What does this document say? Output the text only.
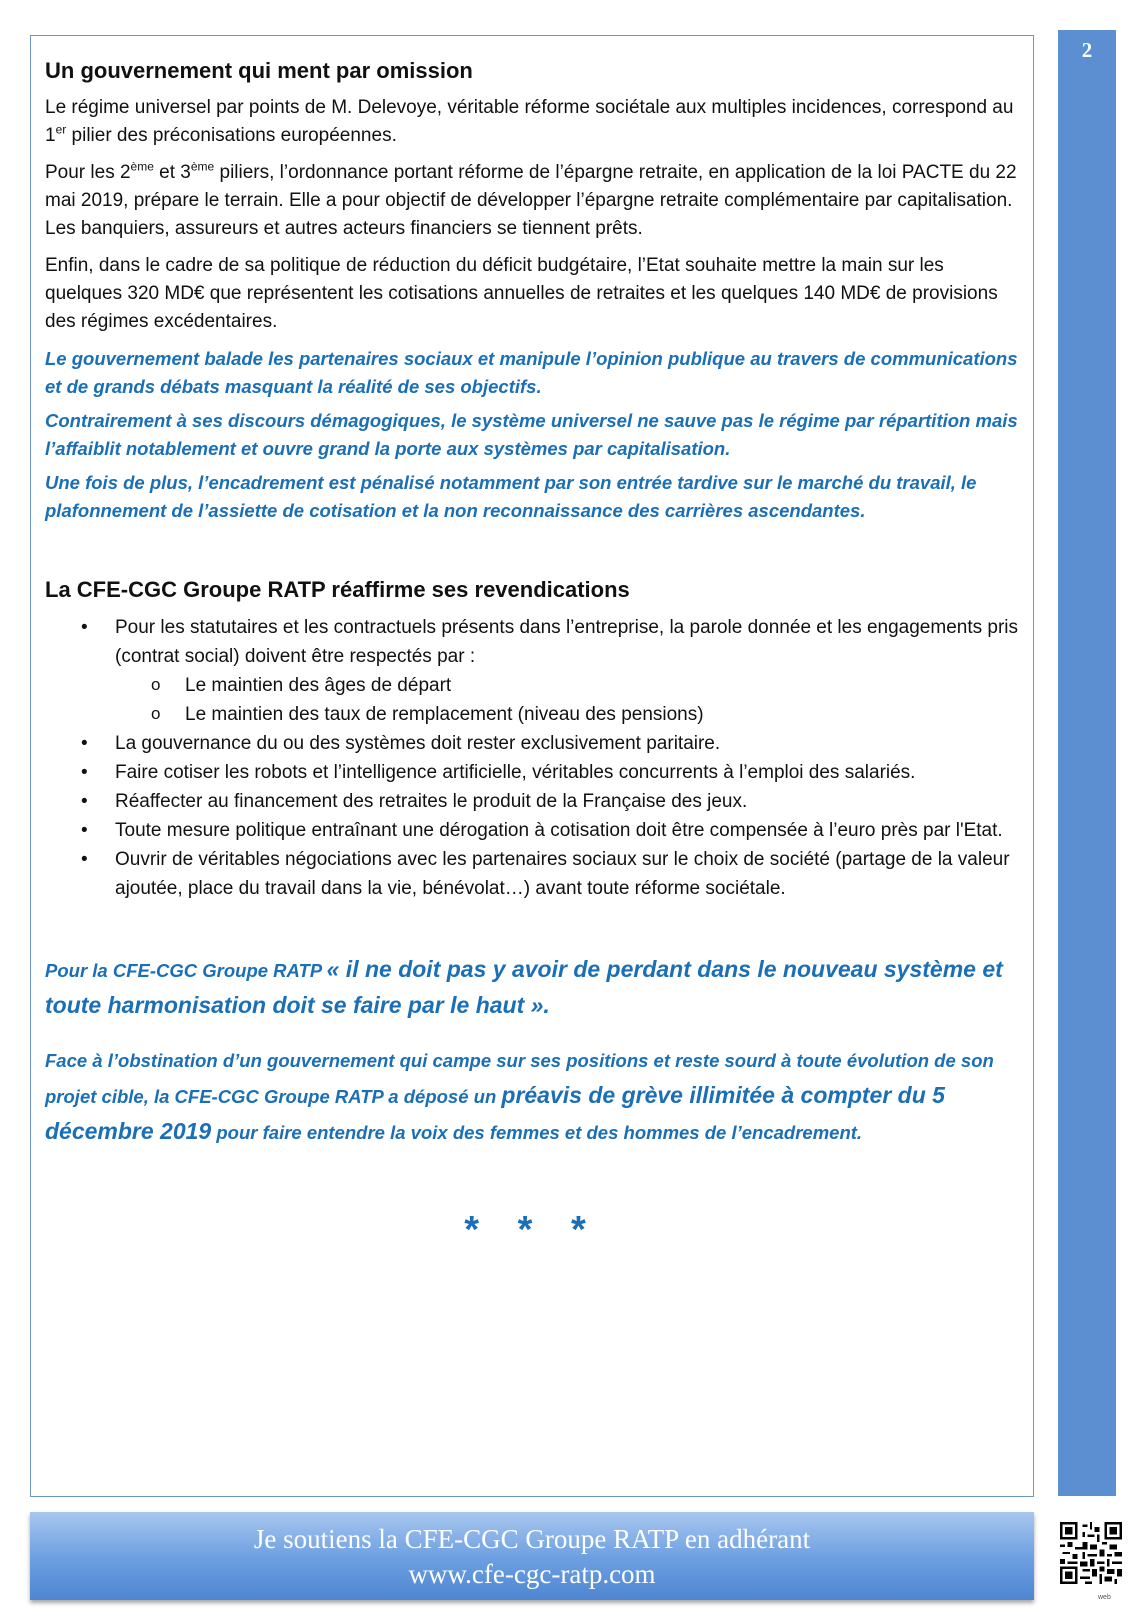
2
Un gouvernement qui ment par omission

Le régime universel par points de M. Delevoye, véritable réforme sociétale aux multiples incidences, correspond au 1er pilier des préconisations européennes.

Pour les 2ème et 3ème piliers, l’ordonnance portant réforme de l’épargne retraite, en application de la loi PACTE du 22 mai 2019, prépare le terrain. Elle a pour objectif de développer l’épargne retraite complémentaire par capitalisation. Les banquiers, assureurs et autres acteurs financiers se tiennent prêts.

Enfin, dans le cadre de sa politique de réduction du déficit budgétaire, l’Etat souhaite mettre la main sur les quelques 320 MD€ que représentent les cotisations annuelles de retraites et les quelques 140 MD€ de provisions des régimes excédentaires.

Le gouvernement balade les partenaires sociaux et manipule l’opinion publique au travers de communications et de grands débats masquant la réalité de ses objectifs.

Contrairement à ses discours démagogiques, le système universel ne sauve pas le régime par répartition mais l’affaiblit notablement et ouvre grand la porte aux systèmes par capitalisation.

Une fois de plus, l’encadrement est pénalisé notamment par son entrée tardive sur le marché du travail, le plafonnement de l’assiette de cotisation et la non reconnaissance des carrières ascendantes.

La CFE-CGC Groupe RATP réaffirme ses revendications
• Pour les statutaires et les contractuels présents dans l’entreprise, la parole donnée et les engagements pris (contrat social) doivent être respectés par :
o Le maintien des âges de départ
o Le maintien des taux de remplacement (niveau des pensions)
• La gouvernance du ou des systèmes doit rester exclusivement paritaire.
• Faire cotiser les robots et l’intelligence artificielle, véritables concurrents à l’emploi des salariés.
• Réaffecter au financement des retraites le produit de la Française des jeux.
• Toute mesure politique entraînant une dérogation à cotisation doit être compensée à l’euro près par l'Etat.
• Ouvrir de véritables négociations avec les partenaires sociaux sur le choix de société (partage de la valeur ajoutée, place du travail dans la vie, bénévolat…) avant toute réforme sociétale.

Pour la CFE-CGC Groupe RATP « il ne doit pas y avoir de perdant dans le nouveau système et toute harmonisation doit se faire par le haut ».

Face à l’obstination d’un gouvernement qui campe sur ses positions et reste sourd à toute évolution de son projet cible, la CFE-CGC Groupe RATP a déposé un préavis de grève illimitée à compter du 5 décembre 2019 pour faire entendre la voix des femmes et des hommes de l’encadrement.

* * *
Je soutiens la CFE-CGC Groupe RATP en adhérant
www.cfe-cgc-ratp.com
web
